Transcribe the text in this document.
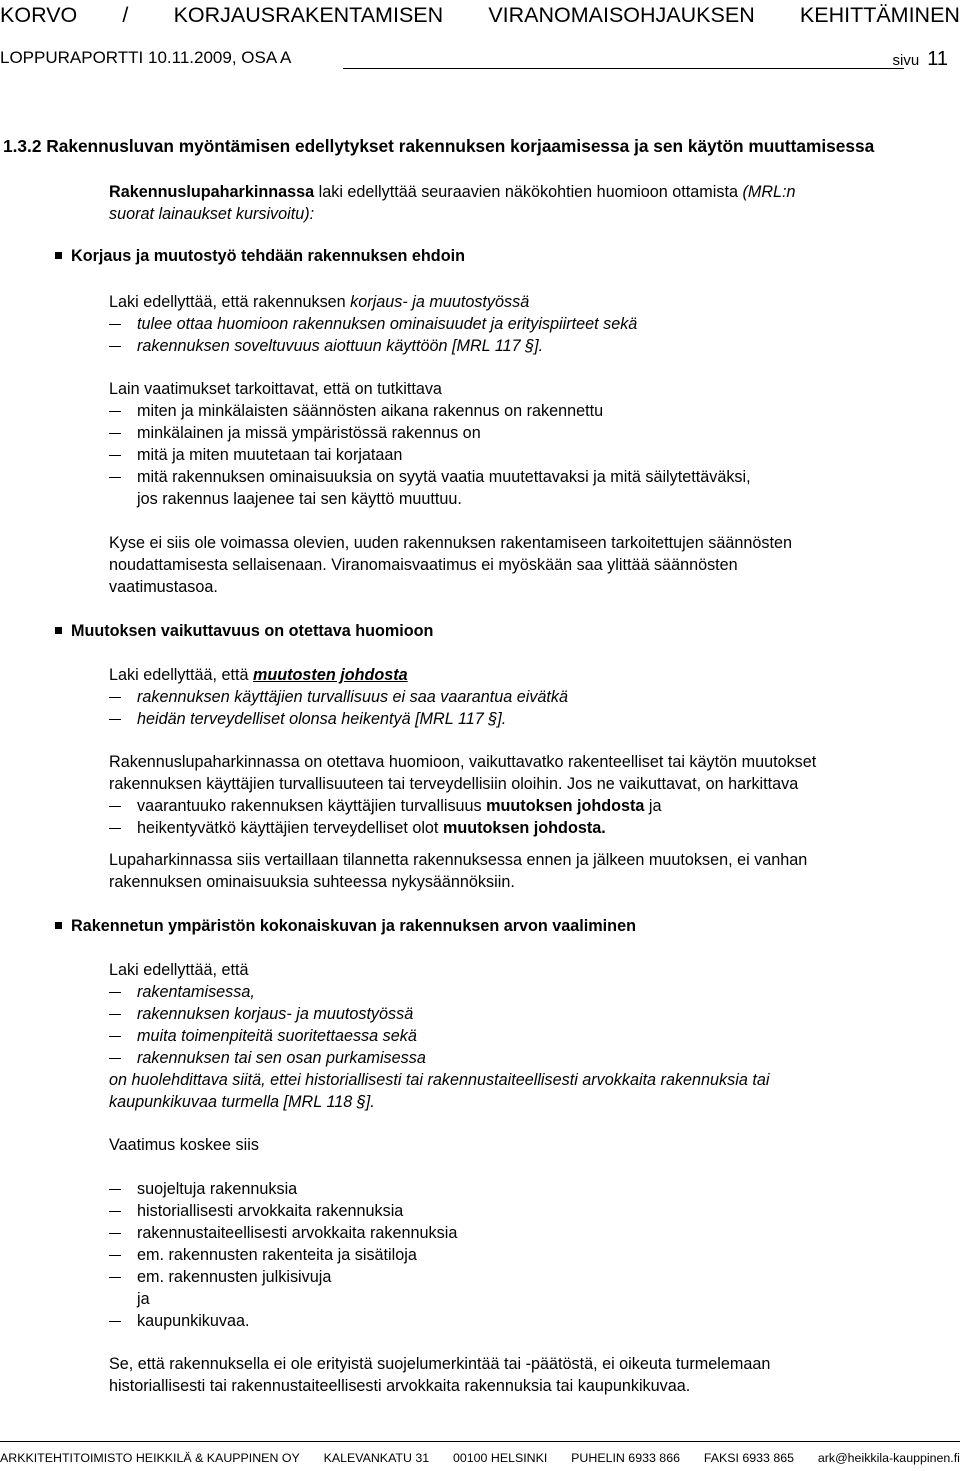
KORVO / KORJAUSRAKENTAMISEN VIRANOMAISOHJAUKSEN KEHITTÄMINEN
LOPPURAPORTTI 10.11.2009, OSA A	sivu 11
1.3.2 Rakennusluvan myöntämisen edellytykset rakennuksen korjaamisessa ja sen käytön muuttamisessa
Rakennuslupaharkinnassa laki edellyttää seuraavien näkökohtien huomioon ottamista (MRL:n
suorat lainaukset kursivoitu):
Korjaus ja muutostyö tehdään rakennuksen ehdoin
Laki edellyttää, että rakennuksen korjaus- ja muutostyössä
tulee ottaa huomioon rakennuksen ominaisuudet ja erityispiirteet sekä
rakennuksen soveltuvuus aiottuun käyttöön [MRL 117 §].
Lain vaatimukset tarkoittavat, että on tutkittava
miten ja minkälaisten säännösten aikana rakennus on rakennettu
minkälainen ja missä ympäristössä rakennus on
mitä ja miten muutetaan tai korjataan
mitä rakennuksen ominaisuuksia on syytä vaatia muutettavaksi ja mitä säilytettäväksi,
jos rakennus laajenee tai sen käyttö muuttuu.
Kyse ei siis ole voimassa olevien, uuden rakennuksen rakentamiseen tarkoitettujen säännösten
noudattamisesta sellaisenaan. Viranomaisvaatimus ei myöskään saa ylittää säännösten
vaatimustasoa.
Muutoksen vaikuttavuus on otettava huomioon
Laki edellyttää, että muutosten johdosta
rakennuksen käyttäjien turvallisuus ei saa vaarantua eivätkä
heidän terveydelliset olonsa heikentyä [MRL 117 §].
Rakennuslupaharkinnassa on otettava huomioon, vaikuttavatko rakenteelliset tai käytön muutokset
rakennuksen käyttäjien turvallisuuteen tai terveydellisiin oloihin. Jos ne vaikuttavat, on harkittava
vaarantuuko rakennuksen käyttäjien turvallisuus muutoksen johdosta ja
heikentyvätkö käyttäjien terveydelliset olot muutoksen johdosta.
Lupaharkinnassa siis vertaillaan tilannetta rakennuksessa ennen ja jälkeen muutoksen, ei vanhan
rakennuksen ominaisuuksia suhteessa nykysäännöksiin.
Rakennetun ympäristön kokonaiskuvan ja rakennuksen arvon vaaliminen
Laki edellyttää, että
rakentamisessa,
rakennuksen korjaus- ja muutostyössä
muita toimenpiteitä suoritettaessa sekä
rakennuksen tai sen osan purkamisessa
on huolehdittava siitä, ettei historiallisesti tai rakennustaiteellisesti arvokkaita rakennuksia tai
kaupunkikuvaa turmella [MRL 118 §].
Vaatimus koskee siis
suojeltuja rakennuksia
historiallisesti arvokkaita rakennuksia
rakennustaiteellisesti arvokkaita rakennuksia
em. rakennusten rakenteita ja sisätiloja
em. rakennusten julkisivuja
ja
kaupunkikuvaa.
Se, että rakennuksella ei ole erityistä suojelumerkintää tai -päätöstä, ei oikeuta turmelemaan
historiallisesti tai rakennustaiteellisesti arvokkaita rakennuksia tai kaupunkikuvaa.
ARKKITEHTITOIMISTO HEIKKILÄ & KAUPPINEN OY KALEVANKATU 31 00100 HELSINKI PUHELIN 6933 866 FAKSI 6933 865 ark@heikkila-kauppinen.fi
